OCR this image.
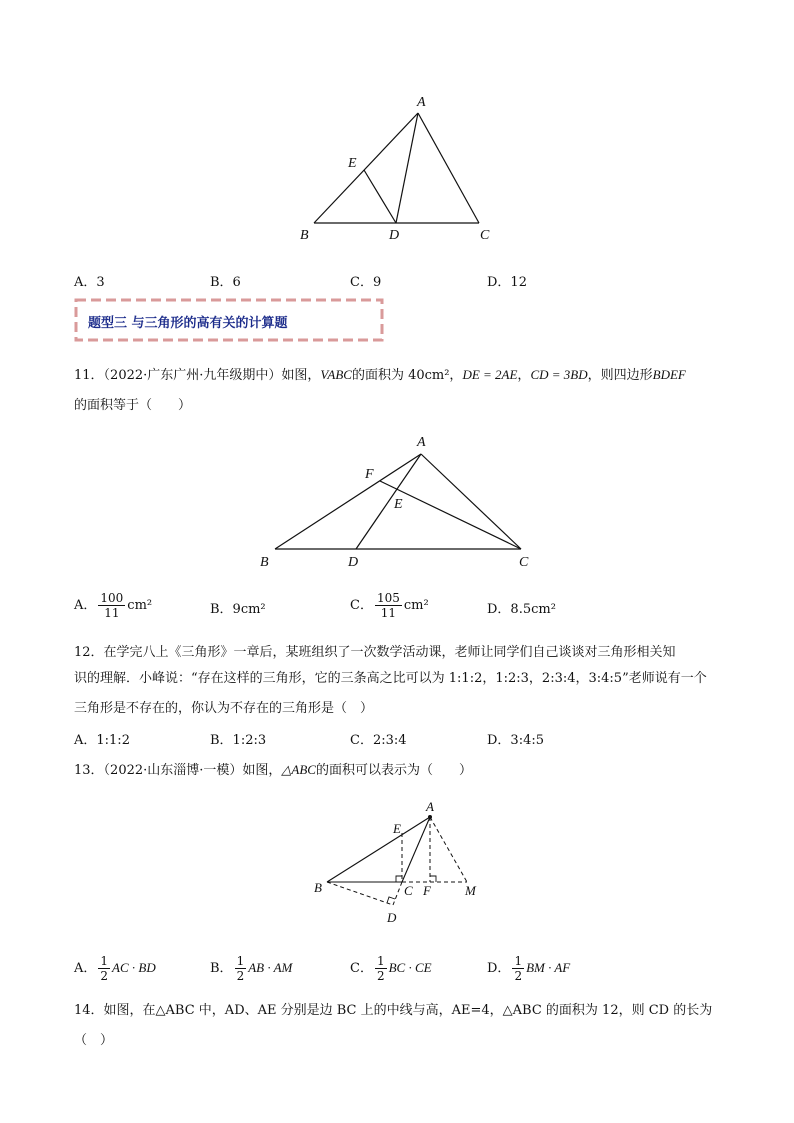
A
B	C
D
E
A．3	B．6	C．9	D．12
题型三 与三角形的高有关的计算题
11．（2022·广东广州·九年级期中）如图，VABC的面积为 40cm²，DE = 2AE，CD = 3BD，则四边形BDEF
的面积等于（　　）
A
B	C
D
E
F
A． $\frac{100}{11} cm^2$	B．9cm²	C． $\frac{105}{11} cm^2$	D．8.5cm²
12．在学完八上《三角形》一章后，某班组织了一次数学活动课，老师让同学们自己谈谈对三角形相关知
识的理解．小峰说：“存在这样的三角形，它的三条高之比可以为 1:1:2，1:2:3，2:3:4，3:4:5”老师说有一个
三角形是不存在的，你认为不存在的三角形是（　）
A．1:1:2	B．1:2:3	C．2:3:4	D．3:4:5
13．（2022·山东淄博·一模）如图，△ABC的面积可以表示为（　　）
A
B	C
D
E
F	M
A． $\frac{1}{2}$ AC · BD	B． $\frac{1}{2}$ AB · AM	C． $\frac{1}{2}$ BC · CE	D． $\frac{1}{2}$ BM · AF
14．如图，在△ABC 中，AD、AE 分别是边 BC 上的中线与高，AE=4，△ABC 的面积为 12，则 CD 的长为
（　）
